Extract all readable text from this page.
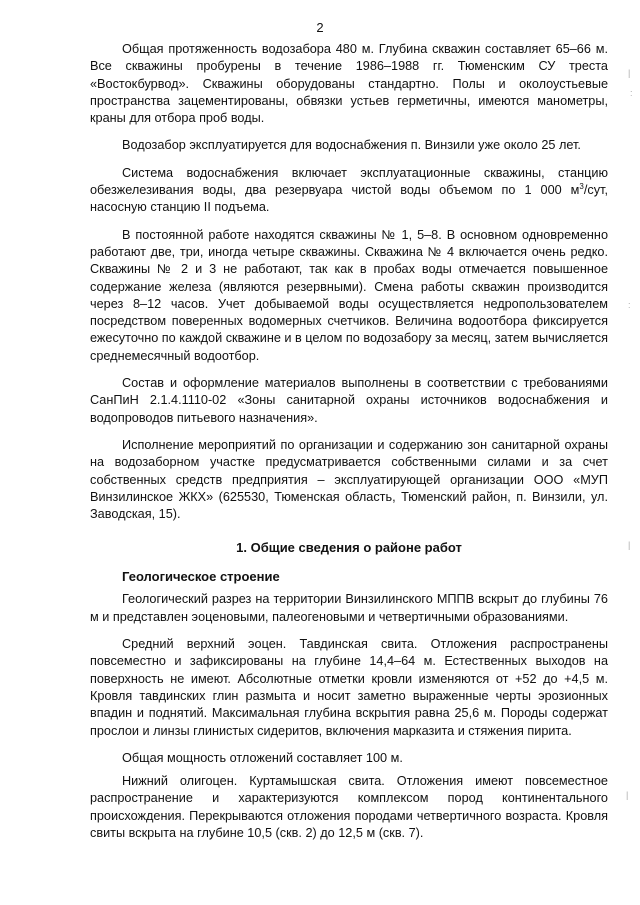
2

Общая протяженность водозабора 480 м. Глубина скважин составляет 65–66 м. Все скважины пробурены в течение 1986–1988 гг. Тюменским СУ треста «Востокбурвод». Скважины оборудованы стандартно. Полы и околоустьевые пространства зацементированы, обвязки устьев герметичны, имеются манометры, краны для отбора проб воды.

Водозабор эксплуатируется для водоснабжения п. Винзили уже около 25 лет.

Система водоснабжения включает эксплуатационные скважины, станцию обезжелезивания воды, два резервуара чистой воды объемом по 1 000 $м^3$/сут, насосную станцию II подъема.

В постоянной работе находятся скважины № 1, 5–8. В основном одновременно работают две, три, иногда четыре скважины. Скважина № 4 включается очень редко. Скважины № 2 и 3 не работают, так как в пробах воды отмечается повышенное содержание железа (являются резервными). Смена работы скважин производится через 8–12 часов. Учет добываемой воды осуществляется недропользователем посредством поверенных водомерных счетчиков. Величина водоотбора фиксируется ежесуточно по каждой скважине и в целом по водозабору за месяц, затем вычисляется среднемесячный водоотбор.

Состав и оформление материалов выполнены в соответствии с требованиями СанПиН 2.1.4.1110-02 «Зоны санитарной охраны источников водоснабжения и водопроводов питьевого назначения».

Исполнение мероприятий по организации и содержанию зон санитарной охраны на водозаборном участке предусматривается собственными силами и за счет собственных средств предприятия – эксплуатирующей организации ООО «МУП Винзилинское ЖКХ» (625530, Тюменская область, Тюменский район, п. Винзили, ул. Заводская, 15).

1. Общие сведения о районе работ
Геологическое строение

Геологический разрез на территории Винзилинского МППВ вскрыт до глубины 76 м и представлен эоценовыми, палеогеновыми и четвертичными образованиями.

Средний верхний эоцен. Тавдинская свита. Отложения распространены повсеместно и зафиксированы на глубине 14,4–64 м. Естественных выходов на поверхность не имеют. Абсолютные отметки кровли изменяются от +52 до +4,5 м. Кровля тавдинских глин размыта и носит заметно выраженные черты эрозионных впадин и поднятий. Максимальная глубина вскрытия равна 25,6 м. Породы содержат прослои и линзы глинистых сидеритов, включения марказита и стяжения пирита.

Общая мощность отложений составляет 100 м.

Нижний олигоцен. Куртамышская свита. Отложения имеют повсеместное распространение и характеризуются комплексом пород континентального происхождения. Перекрываются отложения породами четвертичного возраста. Кровля свиты вскрыта на глубине 10,5 (скв. 2) до 12,5 м (скв. 7).

|
:
:
|
|
